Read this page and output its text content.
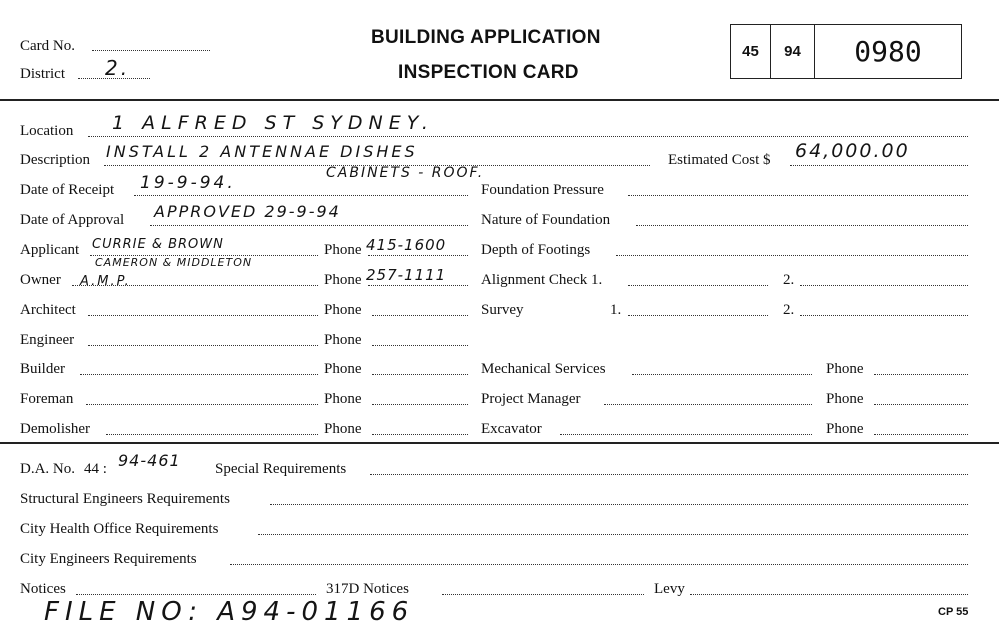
Card No.
District 2.
BUILDING APPLICATION
INSPECTION CARD
45	94	0980
Location 1 ALFRED ST SYDNEY.
Description INSTALL 2 ANTENNAE DISHES
CABINETS - ROOF.
Estimated Cost $ 64,000.00
Date of Receipt 19-9-94.	Foundation Pressure
Date of Approval APPROVED 29-9-94	Nature of Foundation
Applicant CURRIE & BROWN	Phone 415-1600 Depth of Footings
CAMERON & MIDDLETON
Owner A.M.P.	Phone 257-1111 Alignment Check 1.	2.
Architect	Phone	Survey	1.	2.
Engineer	Phone
Builder	Phone	Mechanical Services	Phone
Foreman	Phone	Project Manager	Phone
Demolisher	Phone	Excavator	Phone
D.A. No. 44 : 94-461 Special Requirements
Structural Engineers Requirements
City Health Office Requirements
City Engineers Requirements
Notices	317D Notices	Levy
FILE NO: A94-01166	CP 55
